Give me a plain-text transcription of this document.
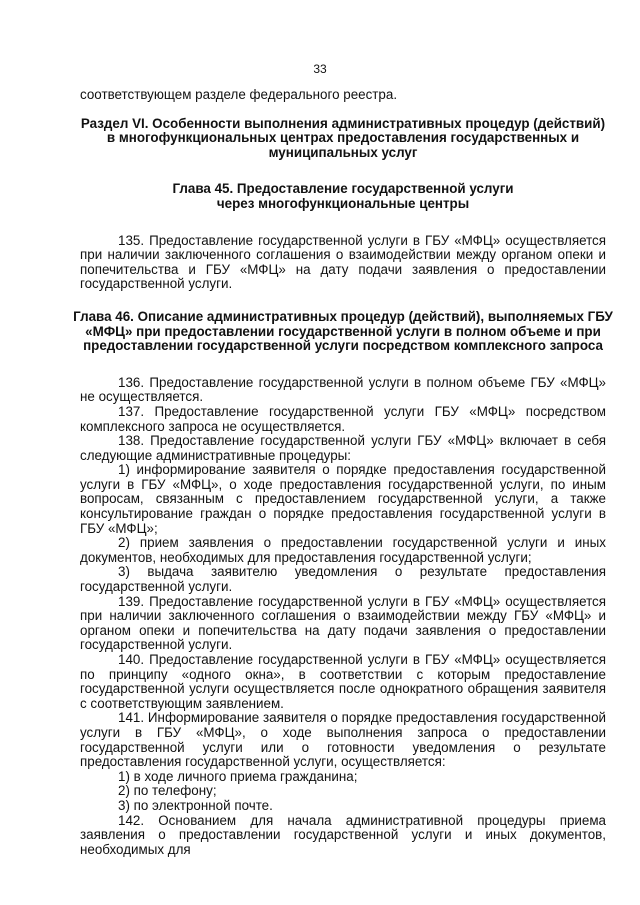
33

соответствующем разделе федерального реестра.

Раздел VI. Особенности выполнения административных процедур (действий) в многофункциональных центрах предоставления государственных и муниципальных услуг

Глава 45. Предоставление государственной услуги через многофункциональные центры

135. Предоставление государственной услуги в ГБУ «МФЦ» осуществляется при наличии заключенного соглашения о взаимодействии между органом опеки и попечительства и ГБУ «МФЦ» на дату подачи заявления о предоставлении государственной услуги.

Глава 46. Описание административных процедур (действий), выполняемых ГБУ «МФЦ» при предоставлении государственной услуги в полном объеме и при предоставлении государственной услуги посредством комплексного запроса

136. Предоставление государственной услуги в полном объеме ГБУ «МФЦ» не осуществляется.

137. Предоставление государственной услуги ГБУ «МФЦ» посредством комплексного запроса не осуществляется.

138. Предоставление государственной услуги ГБУ «МФЦ» включает в себя следующие административные процедуры:

1) информирование заявителя о порядке предоставления государственной услуги в ГБУ «МФЦ», о ходе предоставления государственной услуги, по иным вопросам, связанным с предоставлением государственной услуги, а также консультирование граждан о порядке предоставления государственной услуги в ГБУ «МФЦ»;

2) прием заявления о предоставлении государственной услуги и иных документов, необходимых для предоставления государственной услуги;

3) выдача заявителю уведомления о результате предоставления государственной услуги.

139. Предоставление государственной услуги в ГБУ «МФЦ» осуществляется при наличии заключенного соглашения о взаимодействии между ГБУ «МФЦ» и органом опеки и попечительства на дату подачи заявления о предоставлении государственной услуги.

140. Предоставление государственной услуги в ГБУ «МФЦ» осуществляется по принципу «одного окна», в соответствии с которым предоставление государственной услуги осуществляется после однократного обращения заявителя с соответствующим заявлением.

141. Информирование заявителя о порядке предоставления государственной услуги в ГБУ «МФЦ», о ходе выполнения запроса о предоставлении государственной услуги или о готовности уведомления о результате предоставления государственной услуги, осуществляется:

1) в ходе личного приема гражданина;

2) по телефону;

3) по электронной почте.

142. Основанием для начала административной процедуры приема заявления о предоставлении государственной услуги и иных документов, необходимых для
